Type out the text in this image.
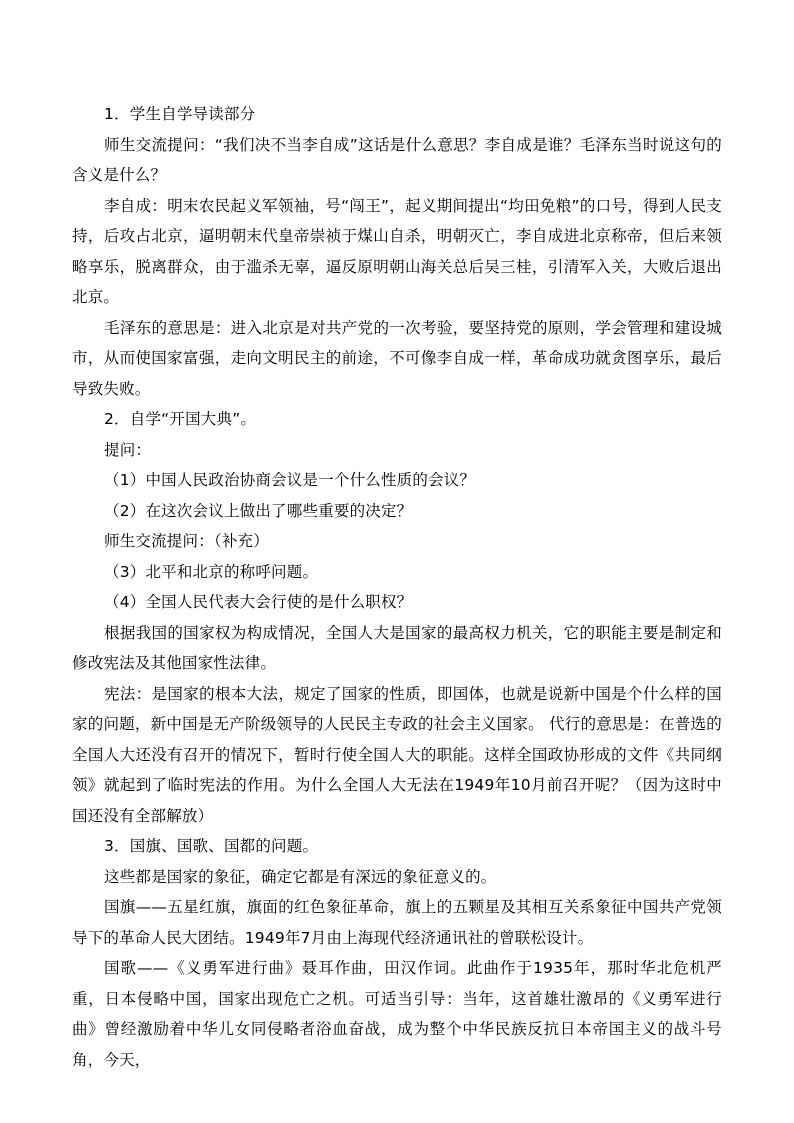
1．学生自学导读部分

师生交流提问：“我们决不当李自成”这话是什么意思？李自成是谁？毛泽东当时说这句的含义是什么？

李自成：明末农民起义军领袖，号“闯王”，起义期间提出“均田免粮”的口号，得到人民支持，后攻占北京，逼明朝末代皇帝崇祯于煤山自杀，明朝灭亡，李自成进北京称帝，但后来领略享乐，脱离群众，由于滥杀无辜，逼反原明朝山海关总后吴三桂，引清军入关，大败后退出北京。

毛泽东的意思是：进入北京是对共产党的一次考验，要坚持党的原则，学会管理和建设城市，从而使国家富强，走向文明民主的前途，不可像李自成一样，革命成功就贪图享乐，最后导致失败。

2．自学“开国大典”。

提问：

（1）中国人民政治协商会议是一个什么性质的会议？

（2）在这次会议上做出了哪些重要的决定？

师生交流提问：（补充）

（3）北平和北京的称呼问题。

（4）全国人民代表大会行使的是什么职权？

根据我国的国家权为构成情况，全国人大是国家的最高权力机关，它的职能主要是制定和修改宪法及其他国家性法律。

宪法：是国家的根本大法，规定了国家的性质，即国体，也就是说新中国是个什么样的国家的问题，新中国是无产阶级领导的人民民主专政的社会主义国家。 代行的意思是：在普选的全国人大还没有召开的情况下，暂时行使全国人大的职能。这样全国政协形成的文件《共同纲领》就起到了临时宪法的作用。为什么全国人大无法在1949年10月前召开呢？（因为这时中国还没有全部解放）

3．国旗、国歌、国都的问题。

这些都是国家的象征，确定它都是有深远的象征意义的。

国旗——五星红旗，旗面的红色象征革命，旗上的五颗星及其相互关系象征中国共产党领导下的革命人民大团结。1949年7月由上海现代经济通讯社的曾联松设计。

国歌——《义勇军进行曲》聂耳作曲，田汉作词。此曲作于1935年，那时华北危机严重，日本侵略中国，国家出现危亡之机。可适当引导：当年，这首雄壮激昂的《义勇军进行曲》曾经激励着中华儿女同侵略者浴血奋战，成为整个中华民族反抗日本帝国主义的战斗号角，今天，
